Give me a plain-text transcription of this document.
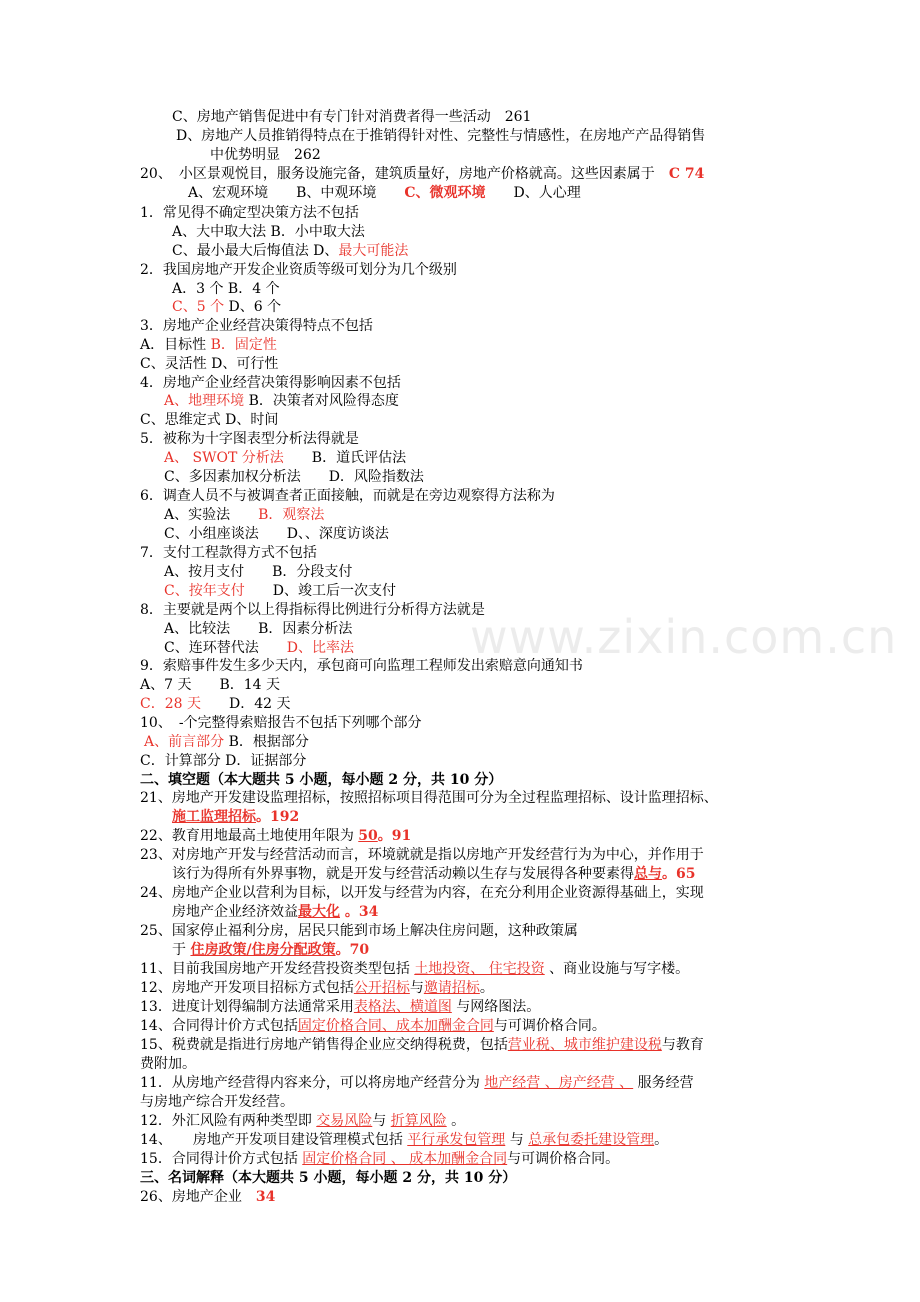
www.zixin.com.cn
C、房地产销售促进中有专门针对消费者得一些活动　261
D、房地产人员推销得特点在于推销得针对性、完整性与情感性，在房地产产品得销售
中优势明显　262
20、　小区景观悦目，服务设施完备，建筑质量好，房地产价格就高。这些因素属于　C 74
A、宏观环境　　B、中观环境　　C、微观环境　　D、人心理
1．常见得不确定型决策方法不包括
A、大中取大法 B．小中取大法
C、最小最大后悔值法 D、最大可能法
2．我国房地产开发企业资质等级可划分为几个级别
A．3 个 B．4 个
C、5 个 D、6 个
3．房地产企业经营决策得特点不包括
A．目标性 B．固定性
C、灵活性 D、可行性
4．房地产企业经营决策得影响因素不包括
A、地理环境 B．决策者对风险得态度
C、思维定式 D、时间
5．被称为十字图表型分析法得就是
A、 SWOT 分析法　　B．道氏评估法
C、多因素加权分析法　　D．风险指数法
6．调查人员不与被调查者正面接触，而就是在旁边观察得方法称为
A、实验法　　B．观察法
C、小组座谈法　　D、、深度访谈法
7．支付工程款得方式不包括
A、按月支付　　B．分段支付
C、按年支付　　D、竣工后一次支付
8．主要就是两个以上得指标得比例进行分析得方法就是
A、比较法　　B．因素分析法
C、连环替代法　　D、比率法
9．索赔事件发生多少天内，承包商可向监理工程师发出索赔意向通知书
A、7 天　　B．14 天
C．28 天　　D．42 天
10、　-个完整得索赔报告不包括下列哪个部分
A、前言部分 B．根据部分
C．计算部分 D．证据部分
二、填空题（本大题共 5 小题，每小题 2 分，共 10 分）
21、房地产开发建设监理招标，按照招标项目得范围可分为全过程监理招标、设计监理招标、
施工监理招标。192
22、教育用地最高土地使用年限为 50。91
23、对房地产开发与经营活动而言，环境就就是指以房地产开发经营行为为中心，并作用于
该行为得所有外界事物，就是开发与经营活动赖以生存与发展得各种要素得总与。65
24、房地产企业以营利为目标，以开发与经营为内容，在充分利用企业资源得基础上，实现
房地产企业经济效益最大化 。34
25、国家停止福利分房，居民只能到市场上解决住房问题，这种政策属
于 住房政策/住房分配政策。70
11、目前我国房地产开发经营投资类型包括 土地投资、 住宅投资 、商业设施与写字楼。
12、房地产开发项目招标方式包括公开招标与邀请招标。
13．进度计划得编制方法通常采用表格法、横道图 与网络图法。
14、合同得计价方式包括固定价格合同、成本加酬金合同与可调价格合同。
15、税费就是指进行房地产销售得企业应交纳得税费，包括营业税、城市维护建设税与教育
费附加。
11．从房地产经营得内容来分，可以将房地产经营分为 地产经营 、房产经营 、 服务经营
与房地产综合开发经营。
12．外汇风险有两种类型即 交易风险与 折算风险 。
14、　　房地产开发项目建设管理模式包括 平行承发包管理 与 总承包委托建设管理。
15．合同得计价方式包括 固定价格合同 、 成本加酬金合同与可调价格合同。
三、名词解释（本大题共 5 小题，每小题 2 分，共 10 分）
26、房地产企业　34
